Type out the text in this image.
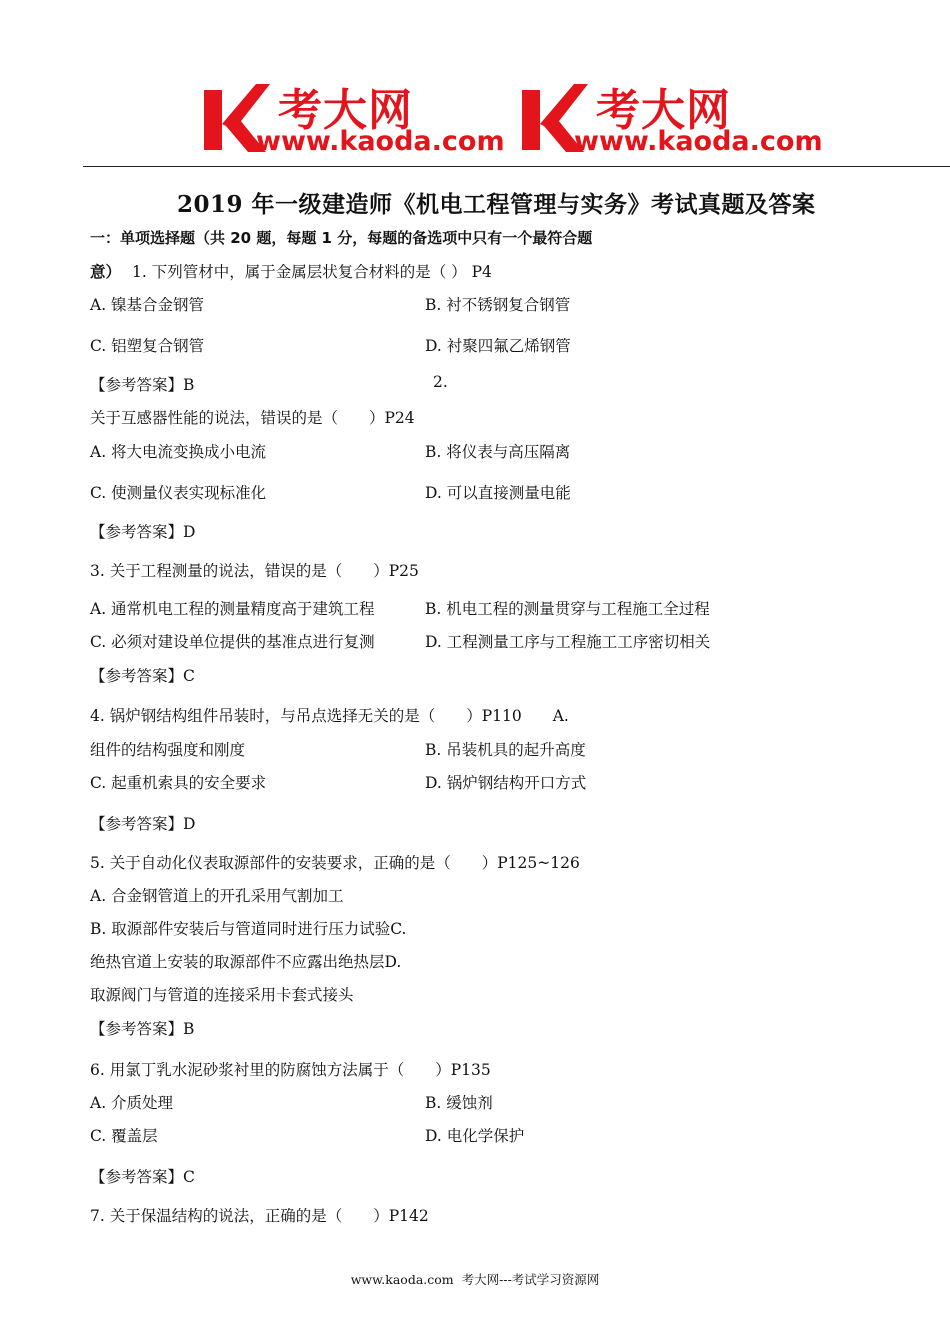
考大网
www.kaoda.com
考大网
www.kaoda.com
2019 年一级建造师《机电工程管理与实务》考试真题及答案
一：单项选择题（共 20 题，每题 1 分，每题的备选项中只有一个最符合题
意） 1. 下列管材中，属于金属层状复合材料的是（ ） P4
A. 镍基合金钢管	B. 衬不锈钢复合钢管
C. 铝塑复合钢管	D. 衬聚四氟乙烯钢管
【参考答案】B	2.
关于互感器性能的说法，错误的是（　　）P24
A. 将大电流变换成小电流	B. 将仪表与高压隔离
C. 使测量仪表实现标准化	D. 可以直接测量电能
【参考答案】D
3. 关于工程测量的说法，错误的是（　　）P25
A. 通常机电工程的测量精度高于建筑工程	B. 机电工程的测量贯穿与工程施工全过程
C. 必须对建设单位提供的基准点进行复测	D. 工程测量工序与工程施工工序密切相关
【参考答案】C
4. 锅炉钢结构组件吊装时，与吊点选择无关的是（　　）P110　　A.
组件的结构强度和刚度	B. 吊装机具的起升高度
C. 起重机索具的安全要求	D. 锅炉钢结构开口方式
【参考答案】D
5. 关于自动化仪表取源部件的安装要求，正确的是（　　）P125~126
A. 合金钢管道上的开孔采用气割加工
B. 取源部件安装后与管道同时进行压力试验C.
绝热官道上安装的取源部件不应露出绝热层D.
取源阀门与管道的连接采用卡套式接头
【参考答案】B
6. 用氯丁乳水泥砂浆衬里的防腐蚀方法属于（　　）P135
A. 介质处理	B. 缓蚀剂
C. 覆盖层	D. 电化学保护
【参考答案】C
7. 关于保温结构的说法，正确的是（　　）P142
www.kaoda.com 考大网---考试学习资源网
